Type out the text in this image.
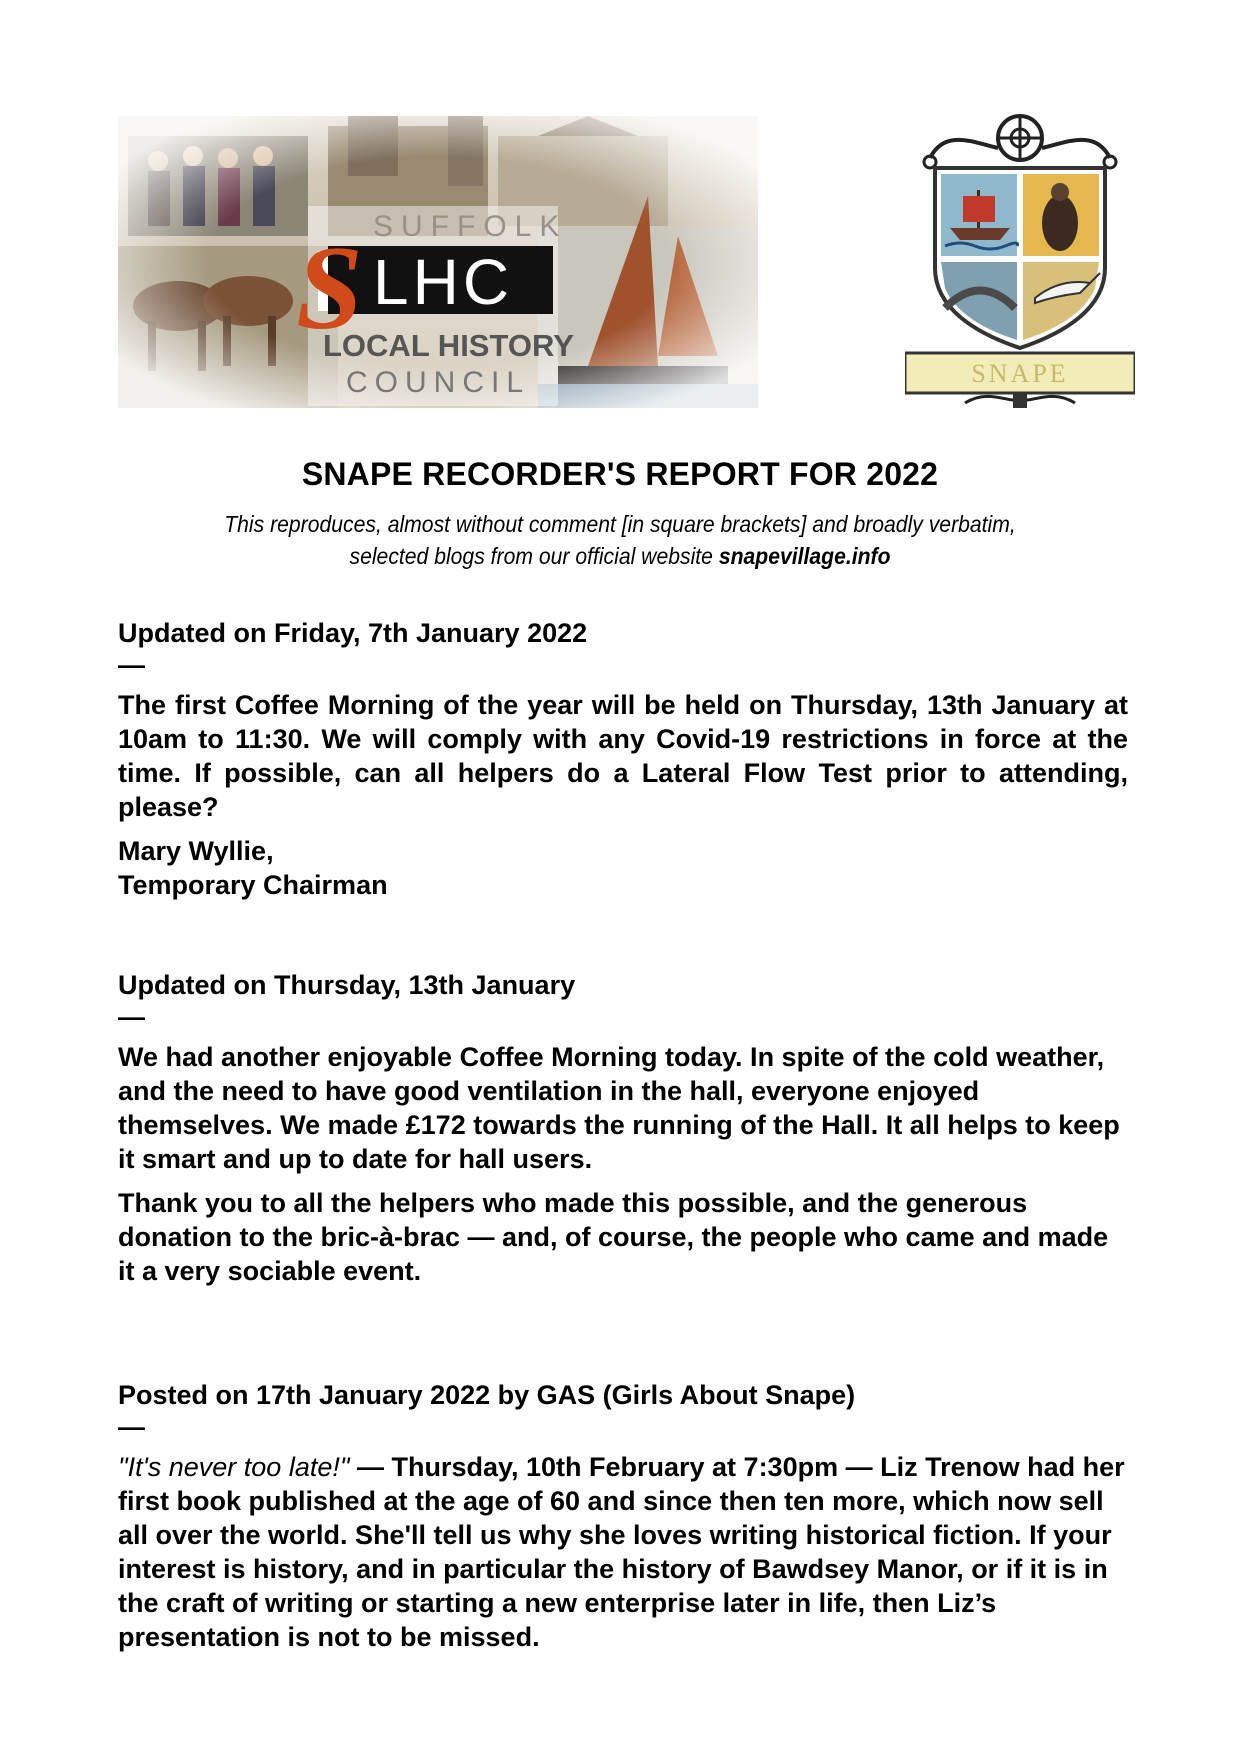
SUFFOLK
LHC
S
LOCAL HISTORY
COUNCIL	SNAPE
SNAPE RECORDER'S REPORT FOR 2022
This reproduces, almost without comment [in square brackets] and broadly verbatim,
selected blogs from our official website snapevillage.info
Updated on Friday, 7th January 2022
—

The first Coffee Morning of the year will be held on Thursday, 13th January at 10am to 11:30. We will comply with any Covid-19 restrictions in force at the time. If possible, can all helpers do a Lateral Flow Test prior to attending, please?

Mary Wyllie,

Temporary Chairman

Updated on Thursday, 13th January
—

We had another enjoyable Coffee Morning today. In spite of the cold weather, and the need to have good ventilation in the hall, everyone enjoyed themselves. We made £172 towards the running of the Hall. It all helps to keep it smart and up to date for hall users.

Thank you to all the helpers who made this possible, and the generous donation to the bric-à-brac — and, of course, the people who came and made it a very sociable event.

Posted on 17th January 2022 by GAS (Girls About Snape)
—

"It's never too late!" — Thursday, 10th February at 7:30pm — Liz Trenow had her first book published at the age of 60 and since then ten more, which now sell all over the world. She'll tell us why she loves writing historical fiction. If your interest is history, and in particular the history of Bawdsey Manor, or if it is in the craft of writing or starting a new enterprise later in life, then Liz’s presentation is not to be missed.
